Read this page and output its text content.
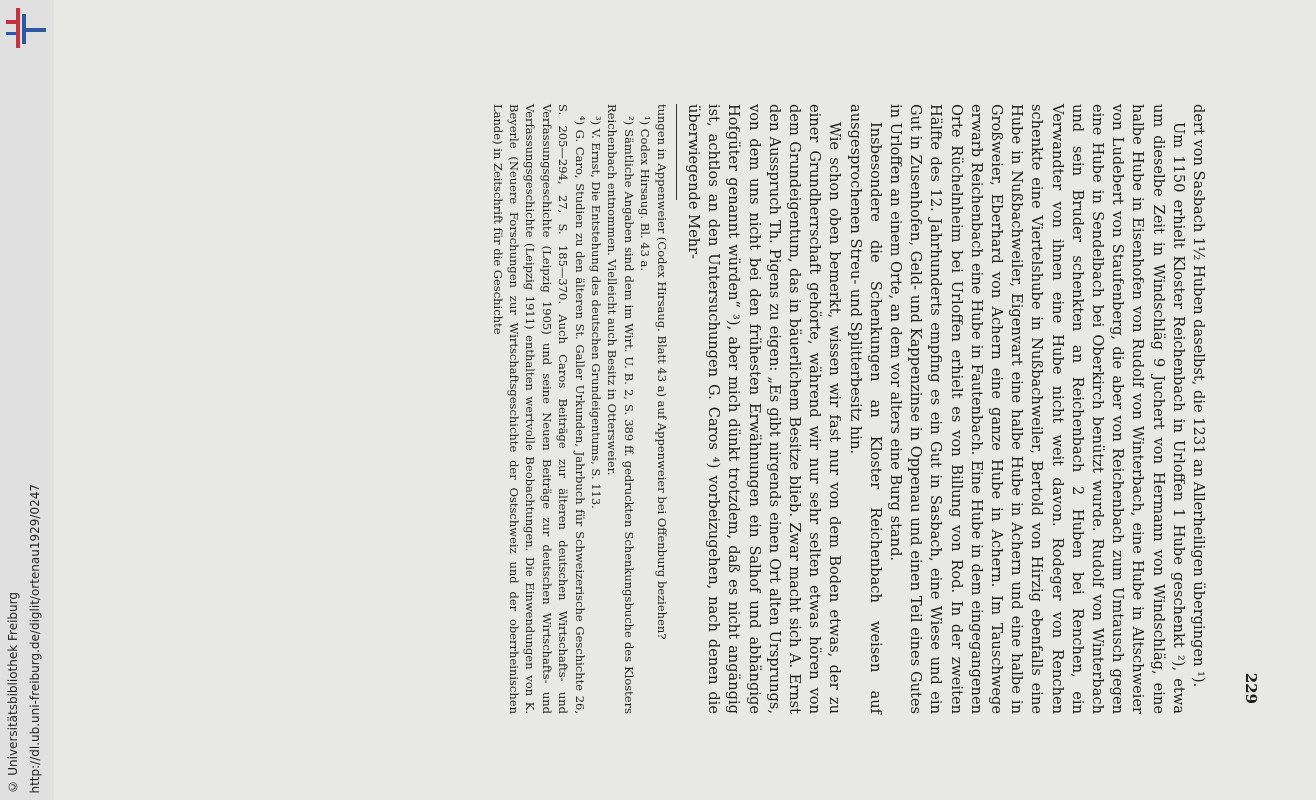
http://dl.ub.uni-freiburg.de/diglit/ortenau1929/0247
© Universitätsbibliothek Freiburg	229

dert von Sasbach 1½ Huben daselbst, die 1231 an Allerheiligen übergingen ¹).

Um 1150 erhielt Kloster Reichenbach in Urloffen 1 Hube geschenkt ²), etwa um dieselbe Zeit in Windschläg 9 Juchert von Hermann von Windschläg, eine halbe Hube in Eisenhofen von Rudolf von Winterbach, eine Hube in Altschweier von Ludebert von Staufenberg, die aber von Reichenbach zum Umtausch gegen eine Hube in Sendelbach bei Oberkirch benützt wurde. Rudolf von Winterbach und sein Bruder schenkten an Reichenbach 2 Huben bei Renchen, ein Verwandter von ihnen eine Hube nicht weit davon. Rodeger von Renchen schenkte eine Viertelshube in Nußbachweiler, Bertold von Hirzig ebenfalls eine Hube in Nußbachweiler, Eigenvart eine halbe Hube in Achern und eine halbe in Großweier, Eberhard von Achern eine ganze Hube in Achern. Im Tauschwege erwarb Reichenbach eine Hube in Fautenbach. Eine Hube in dem eingegangenen Orte Rüchelnheim bei Urloffen erhielt es von Billung von Rod. In der zweiten Hälfte des 12. Jahrhunderts empfing es ein Gut in Sasbach, eine Wiese und ein Gut in Zusenhofen, Geld- und Kappenzinse in Oppenau und einen Teil eines Gutes in Urloffen an einem Orte, an dem vor alters eine Burg stand.

Insbesondere die Schenkungen an Kloster Reichenbach weisen auf ausgesprochenen Streu- und Splitterbesitz hin.

Wie schon oben bemerkt, wissen wir fast nur von dem Boden etwas, der zu einer Grundherrschaft gehörte, während wir nur sehr selten etwas hören von dem Grundeigentum, das in bäuerlichem Besitze blieb. Zwar macht sich A. Ernst den Ausspruch Th. Pigens zu eigen: „Es gibt nirgends einen Ort alten Ursprungs, von dem uns nicht bei den frühesten Erwähnungen ein Salhof und abhängige Hofgüter genannt würden“ ³), aber mich dünkt trotzdem, daß es nicht angängig ist, achtlos an den Untersuchungen G. Caros ⁴) vorbeizugehen, nach denen die überwiegende Mehr-

tungen in Appenweier (Codex Hirsaug. Blatt 43 a) auf Appenweier bei Offenburg beziehen?

¹) Codex Hirsaug. Bl. 43 a.

²) Sämtliche Angaben sind dem im Wirt. U. B. 2, S. 389 ff. gedruckten Schenkungsbuche des Klosters Reichenbach entnommen. Vielleicht auch Besitz in Ottersweier.

³) V. Ernst, Die Entstehung des deutschen Grundeigentums, S. 113.

⁴) G. Caro, Studien zu den älteren St. Galler Urkunden, Jahrbuch für Schweizerische Geschichte 26, S. 205—294, 27, S. 185—370. Auch Caros Beiträge zur älteren deutschen Wirtschafts- und Verfassungsgeschichte (Leipzig 1905) und seine Neuen Beiträge zur deutschen Wirtschafts- und Verfassungsgeschichte (Leipzig 1911) enthalten wertvolle Beobachtungen. Die Einwendungen von K. Beyerle (Neuere Forschungen zur Wirtschaftsgeschichte der Ostschweiz und der oberrheinischen Lande) in Zeitschrift für die Geschichte
